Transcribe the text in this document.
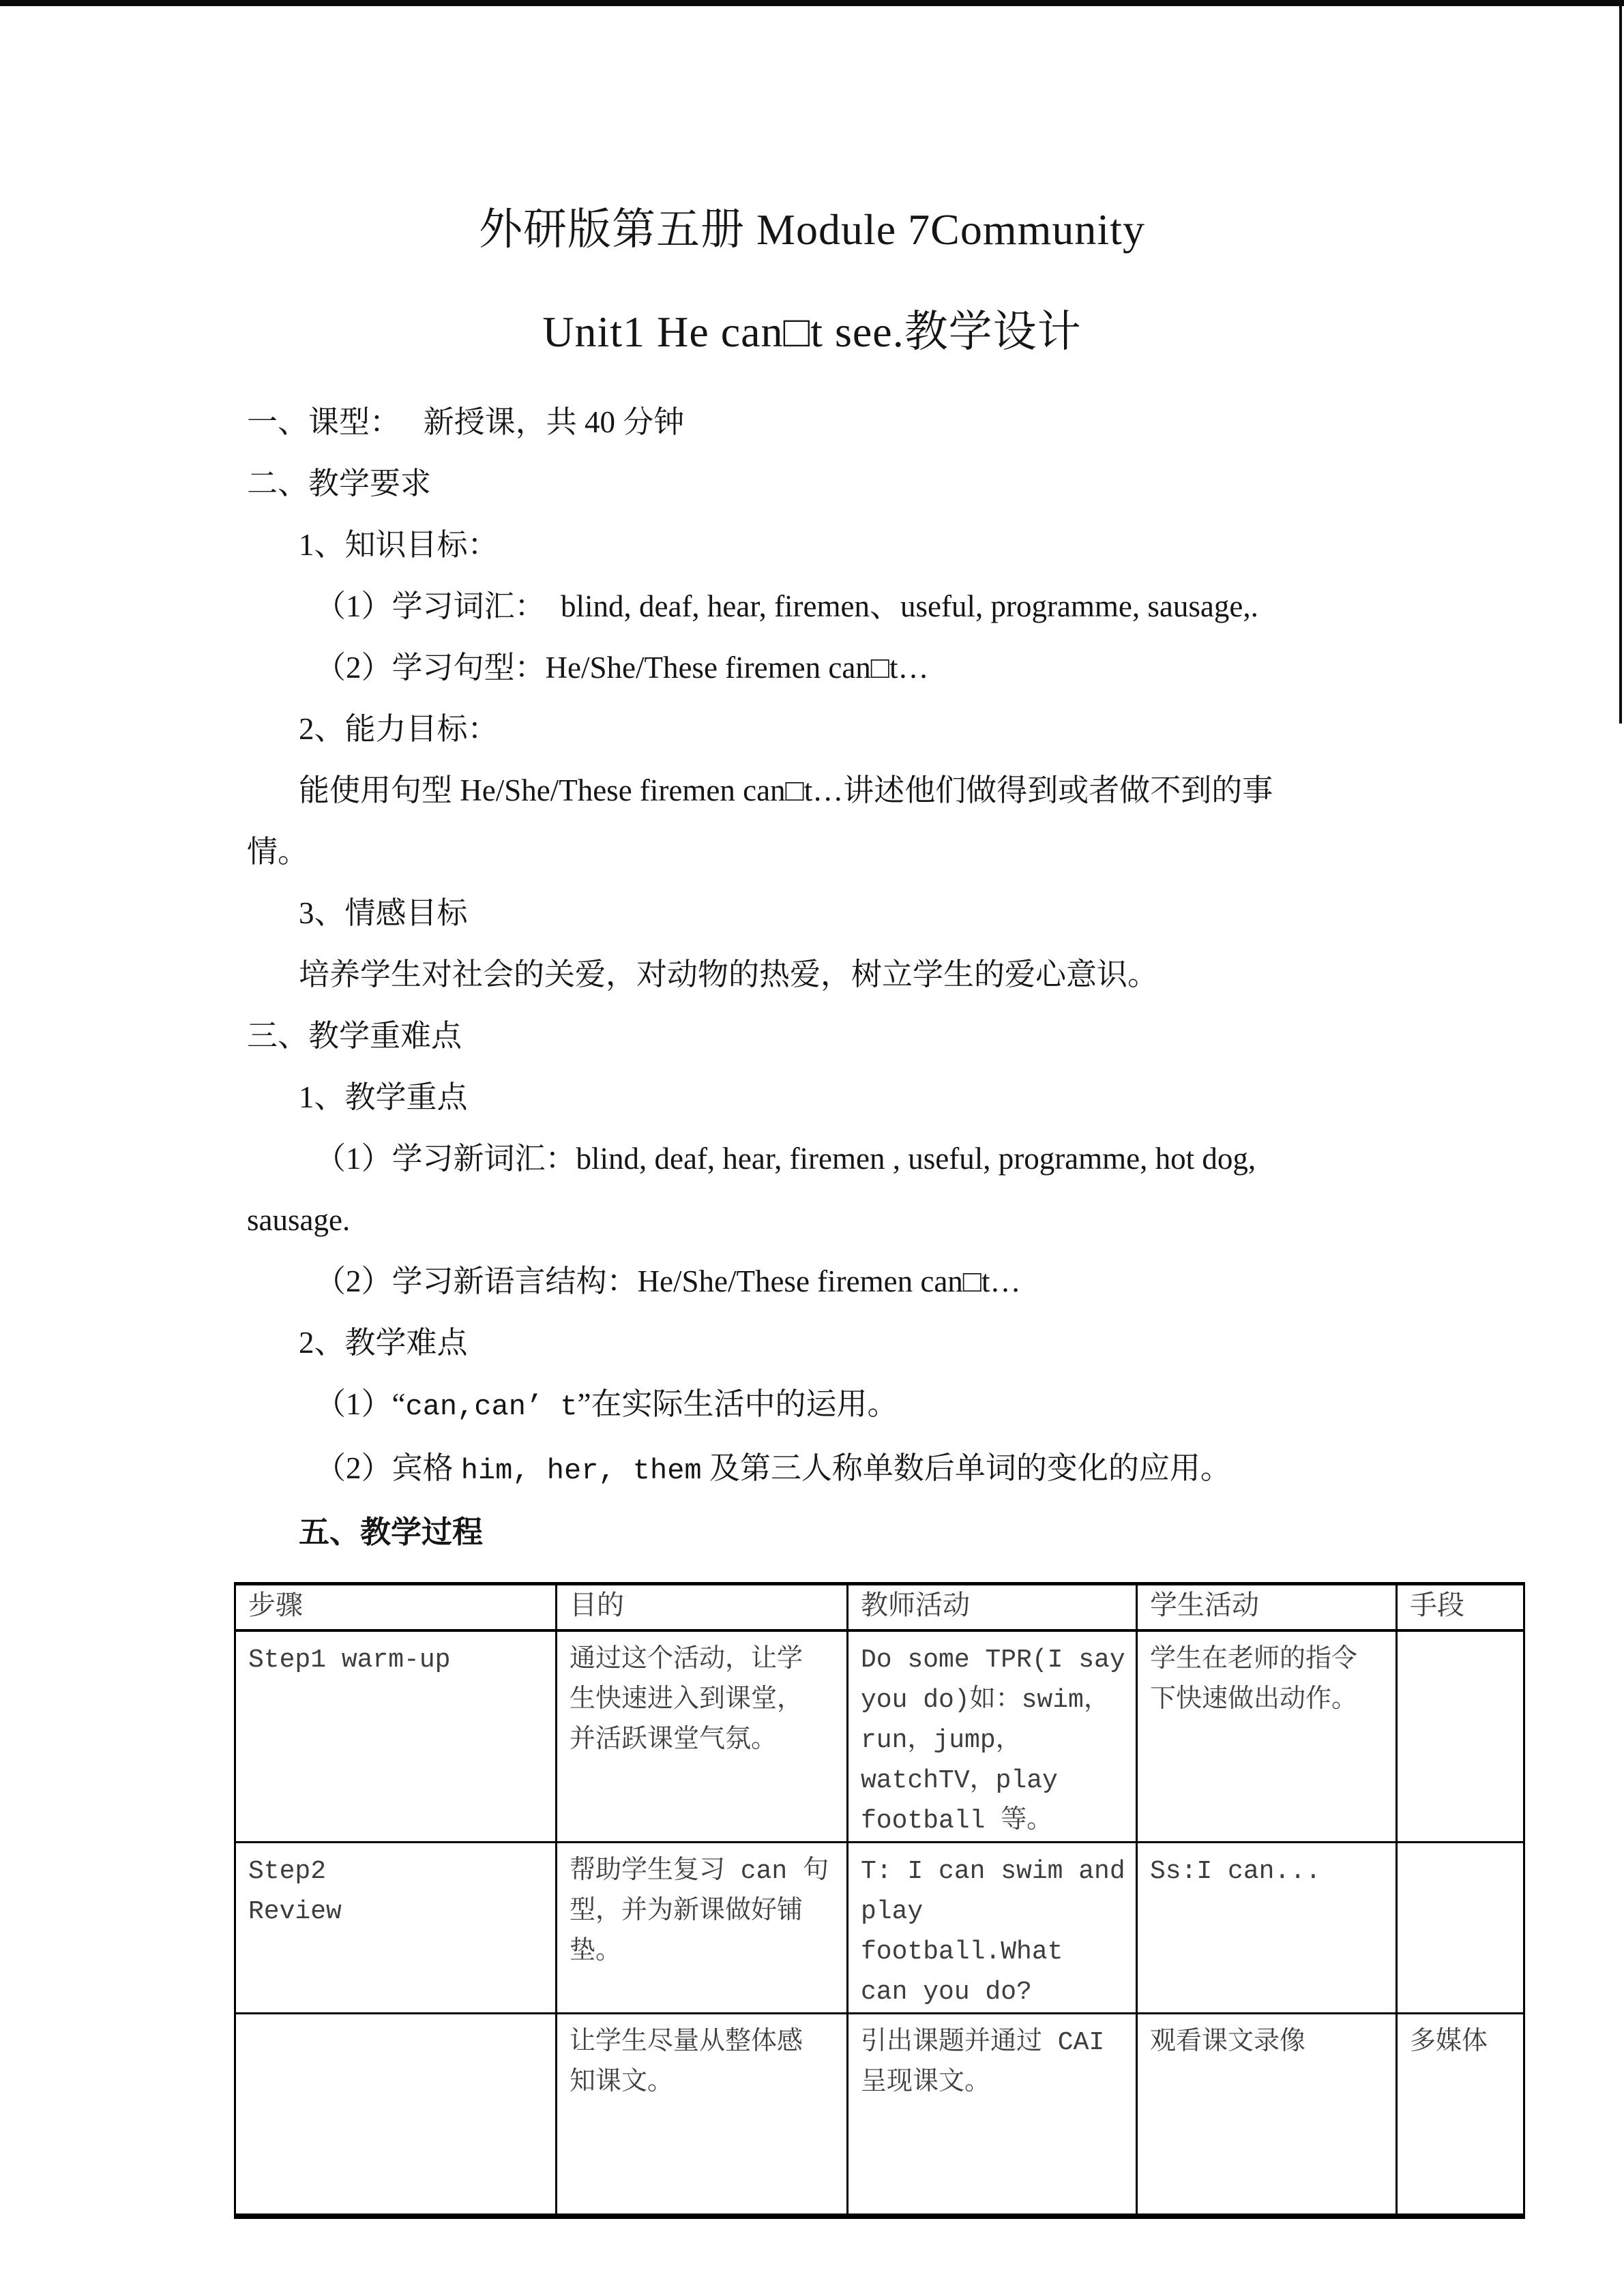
外研版第五册 Module 7Community
Unit1 He can□t see.教学设计
一、课型：　 新授课，共 40 分钟
二、教学要求
1、知识目标：
（1）学习词汇：　blind, deaf, hear, firemen、useful, programme, sausage,.
（2）学习句型：He/She/These firemen can□t…
2、能力目标：
能使用句型 He/She/These firemen can□t…讲述他们做得到或者做不到的事
情。
3、情感目标
培养学生对社会的关爱，对动物的热爱，树立学生的爱心意识。
三、教学重难点
1、教学重点
（1）学习新词汇：blind, deaf, hear, firemen , useful, programme, hot dog,
sausage.
（2）学习新语言结构：He/She/These firemen can□t…
2、教学难点
（1）“can,can’ t”在实际生活中的运用。
（2）宾格 him, her, them 及第三人称单数后单词的变化的应用。
五、教学过程
步骤	目的	教师活动	学生活动	手段
Step1 warm-up	通过这个活动，让学
生快速进入到课堂，
并活跃课堂气氛。	Do some TPR(I say
you do)如：swim，
run，jump，
watchTV，play
football 等。	学生在老师的指令
下快速做出动作。	
Step2
Review	帮助学生复习 can 句
型，并为新课做好铺
垫。	T: I can swim and
play football.What
can you do?	Ss:I can...	
	让学生尽量从整体感
知课文。	引出课题并通过 CAI
呈现课文。	观看课文录像	多媒体
